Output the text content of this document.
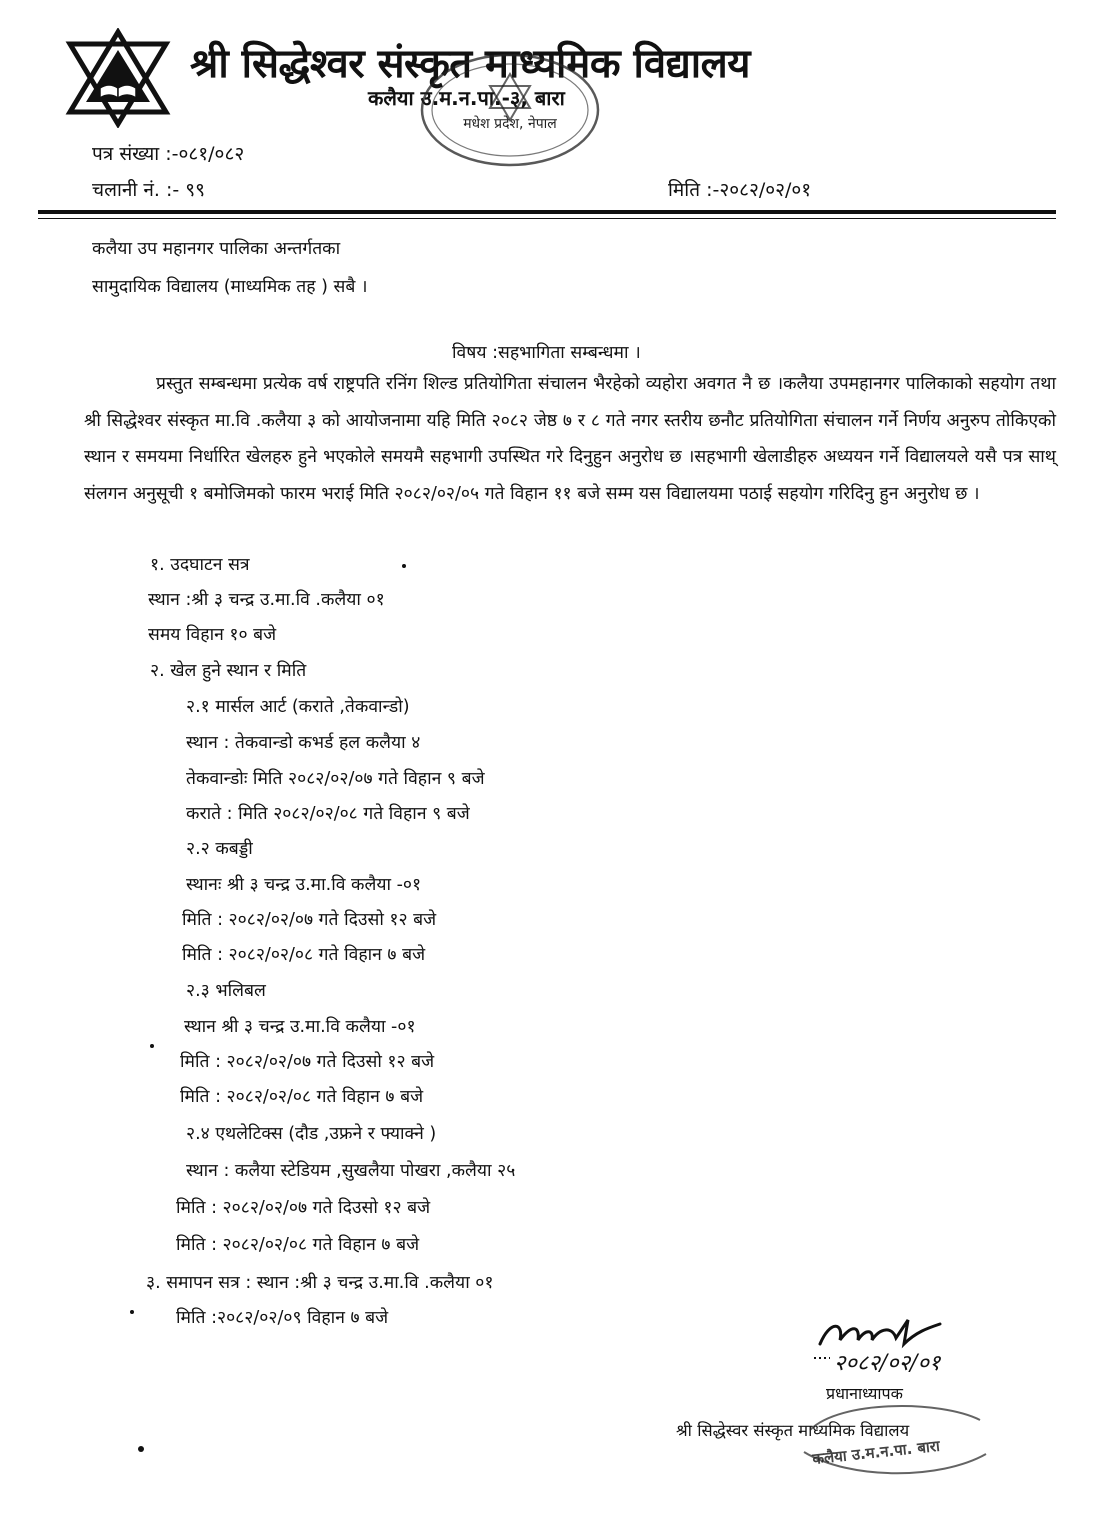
श्री सिद्धेश्वर संस्कृत माध्यमिक विद्यालय
कलैया उ.म.न.पा.-३, बारा
मधेश प्रदेश, नेपाल
पत्र संख्या :-०८१/०८२
चलानी नं. :- ९९	मिति :-२०८२/०२/०१
कलैया उप महानगर पालिका अन्तर्गतका
सामुदायिक विद्यालय (माध्यमिक तह ) सबै ।
विषय :सहभागिता सम्बन्धमा ।
प्रस्तुत सम्बन्धमा प्रत्येक वर्ष राष्ट्रपति रनिंग शिल्ड प्रतियोगिता संचालन भैरहेको व्यहोरा अवगत नै छ ।कलैया उपमहानगर पालिकाको सहयोग तथा श्री सिद्धेश्वर संस्कृत मा.वि .कलैया ३ को आयोजनामा यहि मिति २०८२ जेष्ठ ७ र ८ गते नगर स्तरीय छनौट प्रतियोगिता संचालन गर्ने निर्णय अनुरुप तोकिएको स्थान र समयमा निर्धारित खेलहरु हुने भएकोले समयमै सहभागी उपस्थित गरे दिनुहुन अनुरोध छ ।सहभागी खेलाडीहरु अध्ययन गर्ने विद्यालयले यसै पत्र साथ् संलगन अनुसूची १ बमोजिमको फारम भराई मिति २०८२/०२/०५ गते विहान ११ बजे सम्म यस विद्यालयमा पठाई सहयोग गरिदिनु हुन अनुरोध छ ।
१. उदघाटन सत्र
स्थान :श्री ३ चन्द्र उ.मा.वि .कलैया ०१
समय विहान १० बजे
२. खेल हुने स्थान र मिति
२.१ मार्सल आर्ट (कराते ,तेकवान्डो)
स्थान : तेकवान्डो कभर्ड हल कलैया ४
तेकवान्डोः मिति २०८२/०२/०७ गते विहान ९ बजे
कराते : मिति २०८२/०२/०८ गते विहान ९ बजे
२.२ कबड्डी
स्थानः श्री ३ चन्द्र उ.मा.वि कलैया -०१
मिति : २०८२/०२/०७ गते दिउसो १२ बजे
मिति : २०८२/०२/०८ गते विहान ७ बजे
२.३ भलिबल
स्थान श्री ३ चन्द्र उ.मा.वि कलैया -०१
मिति : २०८२/०२/०७ गते दिउसो १२ बजे
मिति : २०८२/०२/०८ गते विहान ७ बजे
२.४ एथलेटिक्स (दौड ,उफ्रने र फ्याक्ने )
स्थान : कलैया स्टेडियम ,सुखलैया पोखरा ,कलैया २५
मिति : २०८२/०२/०७ गते दिउसो १२ बजे
मिति : २०८२/०२/०८ गते विहान ७ बजे
३. समापन सत्र : स्थान :श्री ३ चन्द्र उ.मा.वि .कलैया ०१
मिति :२०८२/०२/०९ विहान ७ बजे
२०८२/०२/०१
प्रधानाध्यापक
श्री सिद्धेस्वर संस्कृत माध्यमिक विद्यालय
कलैया उ.म.न.पा. बारा
